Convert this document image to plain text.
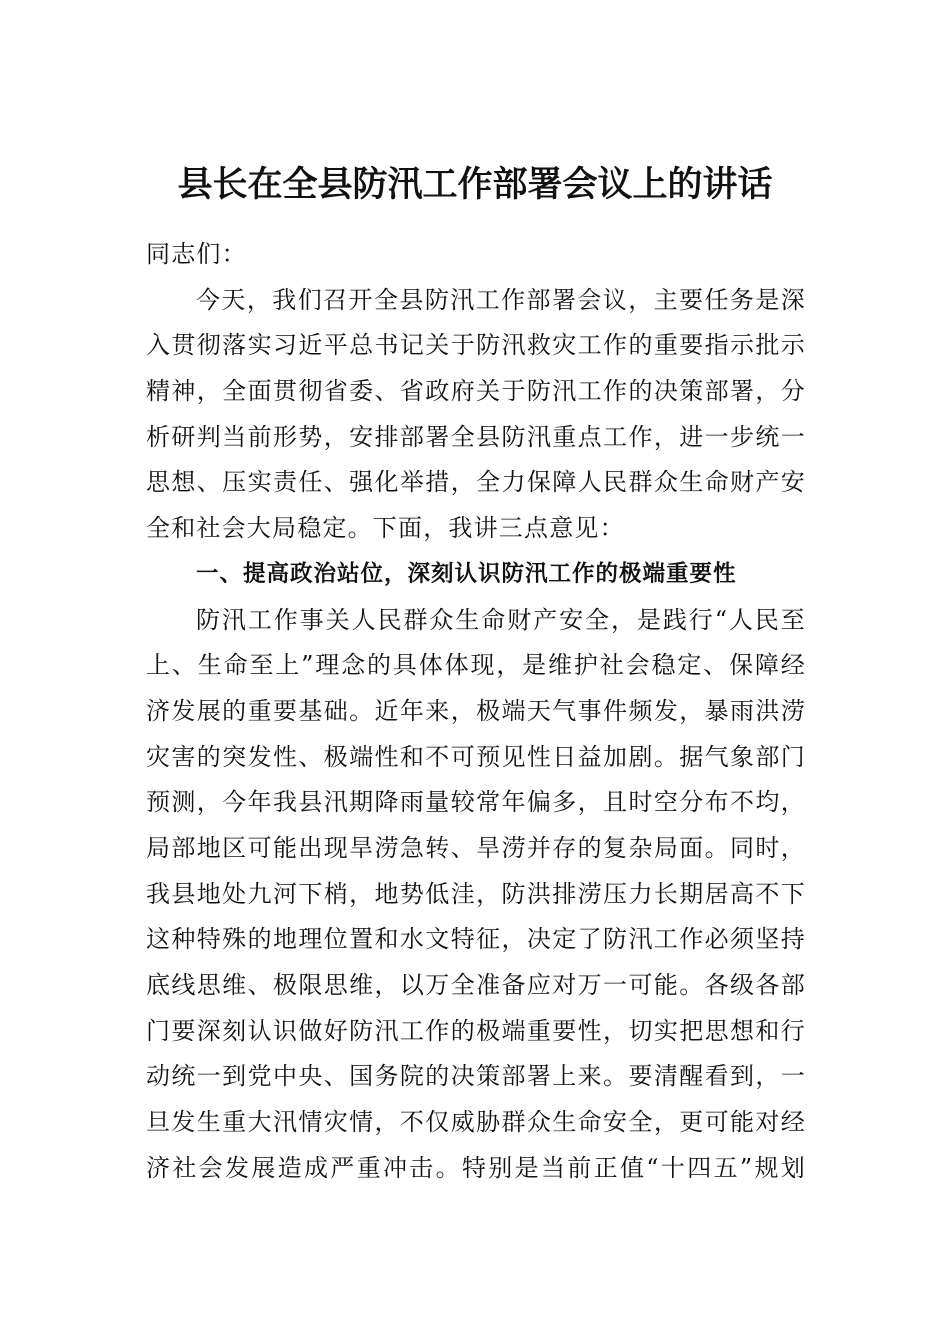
县长在全县防汛工作部署会议上的讲话
同志们：
今天，我们召开全县防汛工作部署会议，主要任务是深
入贯彻落实习近平总书记关于防汛救灾工作的重要指示批示
精神，全面贯彻省委、省政府关于防汛工作的决策部署，分
析研判当前形势，安排部署全县防汛重点工作，进一步统一
思想、压实责任、强化举措，全力保障人民群众生命财产安
全和社会大局稳定。下面，我讲三点意见：
一、提高政治站位，深刻认识防汛工作的极端重要性
防汛工作事关人民群众生命财产安全，是践行“人民至
上、生命至上”理念的具体体现，是维护社会稳定、保障经
济发展的重要基础。近年来，极端天气事件频发，暴雨洪涝
灾害的突发性、极端性和不可预见性日益加剧。据气象部门
预测，今年我县汛期降雨量较常年偏多，且时空分布不均，
局部地区可能出现旱涝急转、旱涝并存的复杂局面。同时，
我县地处九河下梢，地势低洼，防洪排涝压力长期居高不下
这种特殊的地理位置和水文特征，决定了防汛工作必须坚持
底线思维、极限思维，以万全准备应对万一可能。各级各部
门要深刻认识做好防汛工作的极端重要性，切实把思想和行
动统一到党中央、国务院的决策部署上来。要清醒看到，一
旦发生重大汛情灾情，不仅威胁群众生命安全，更可能对经
济社会发展造成严重冲击。特别是当前正值“十四五”规划
